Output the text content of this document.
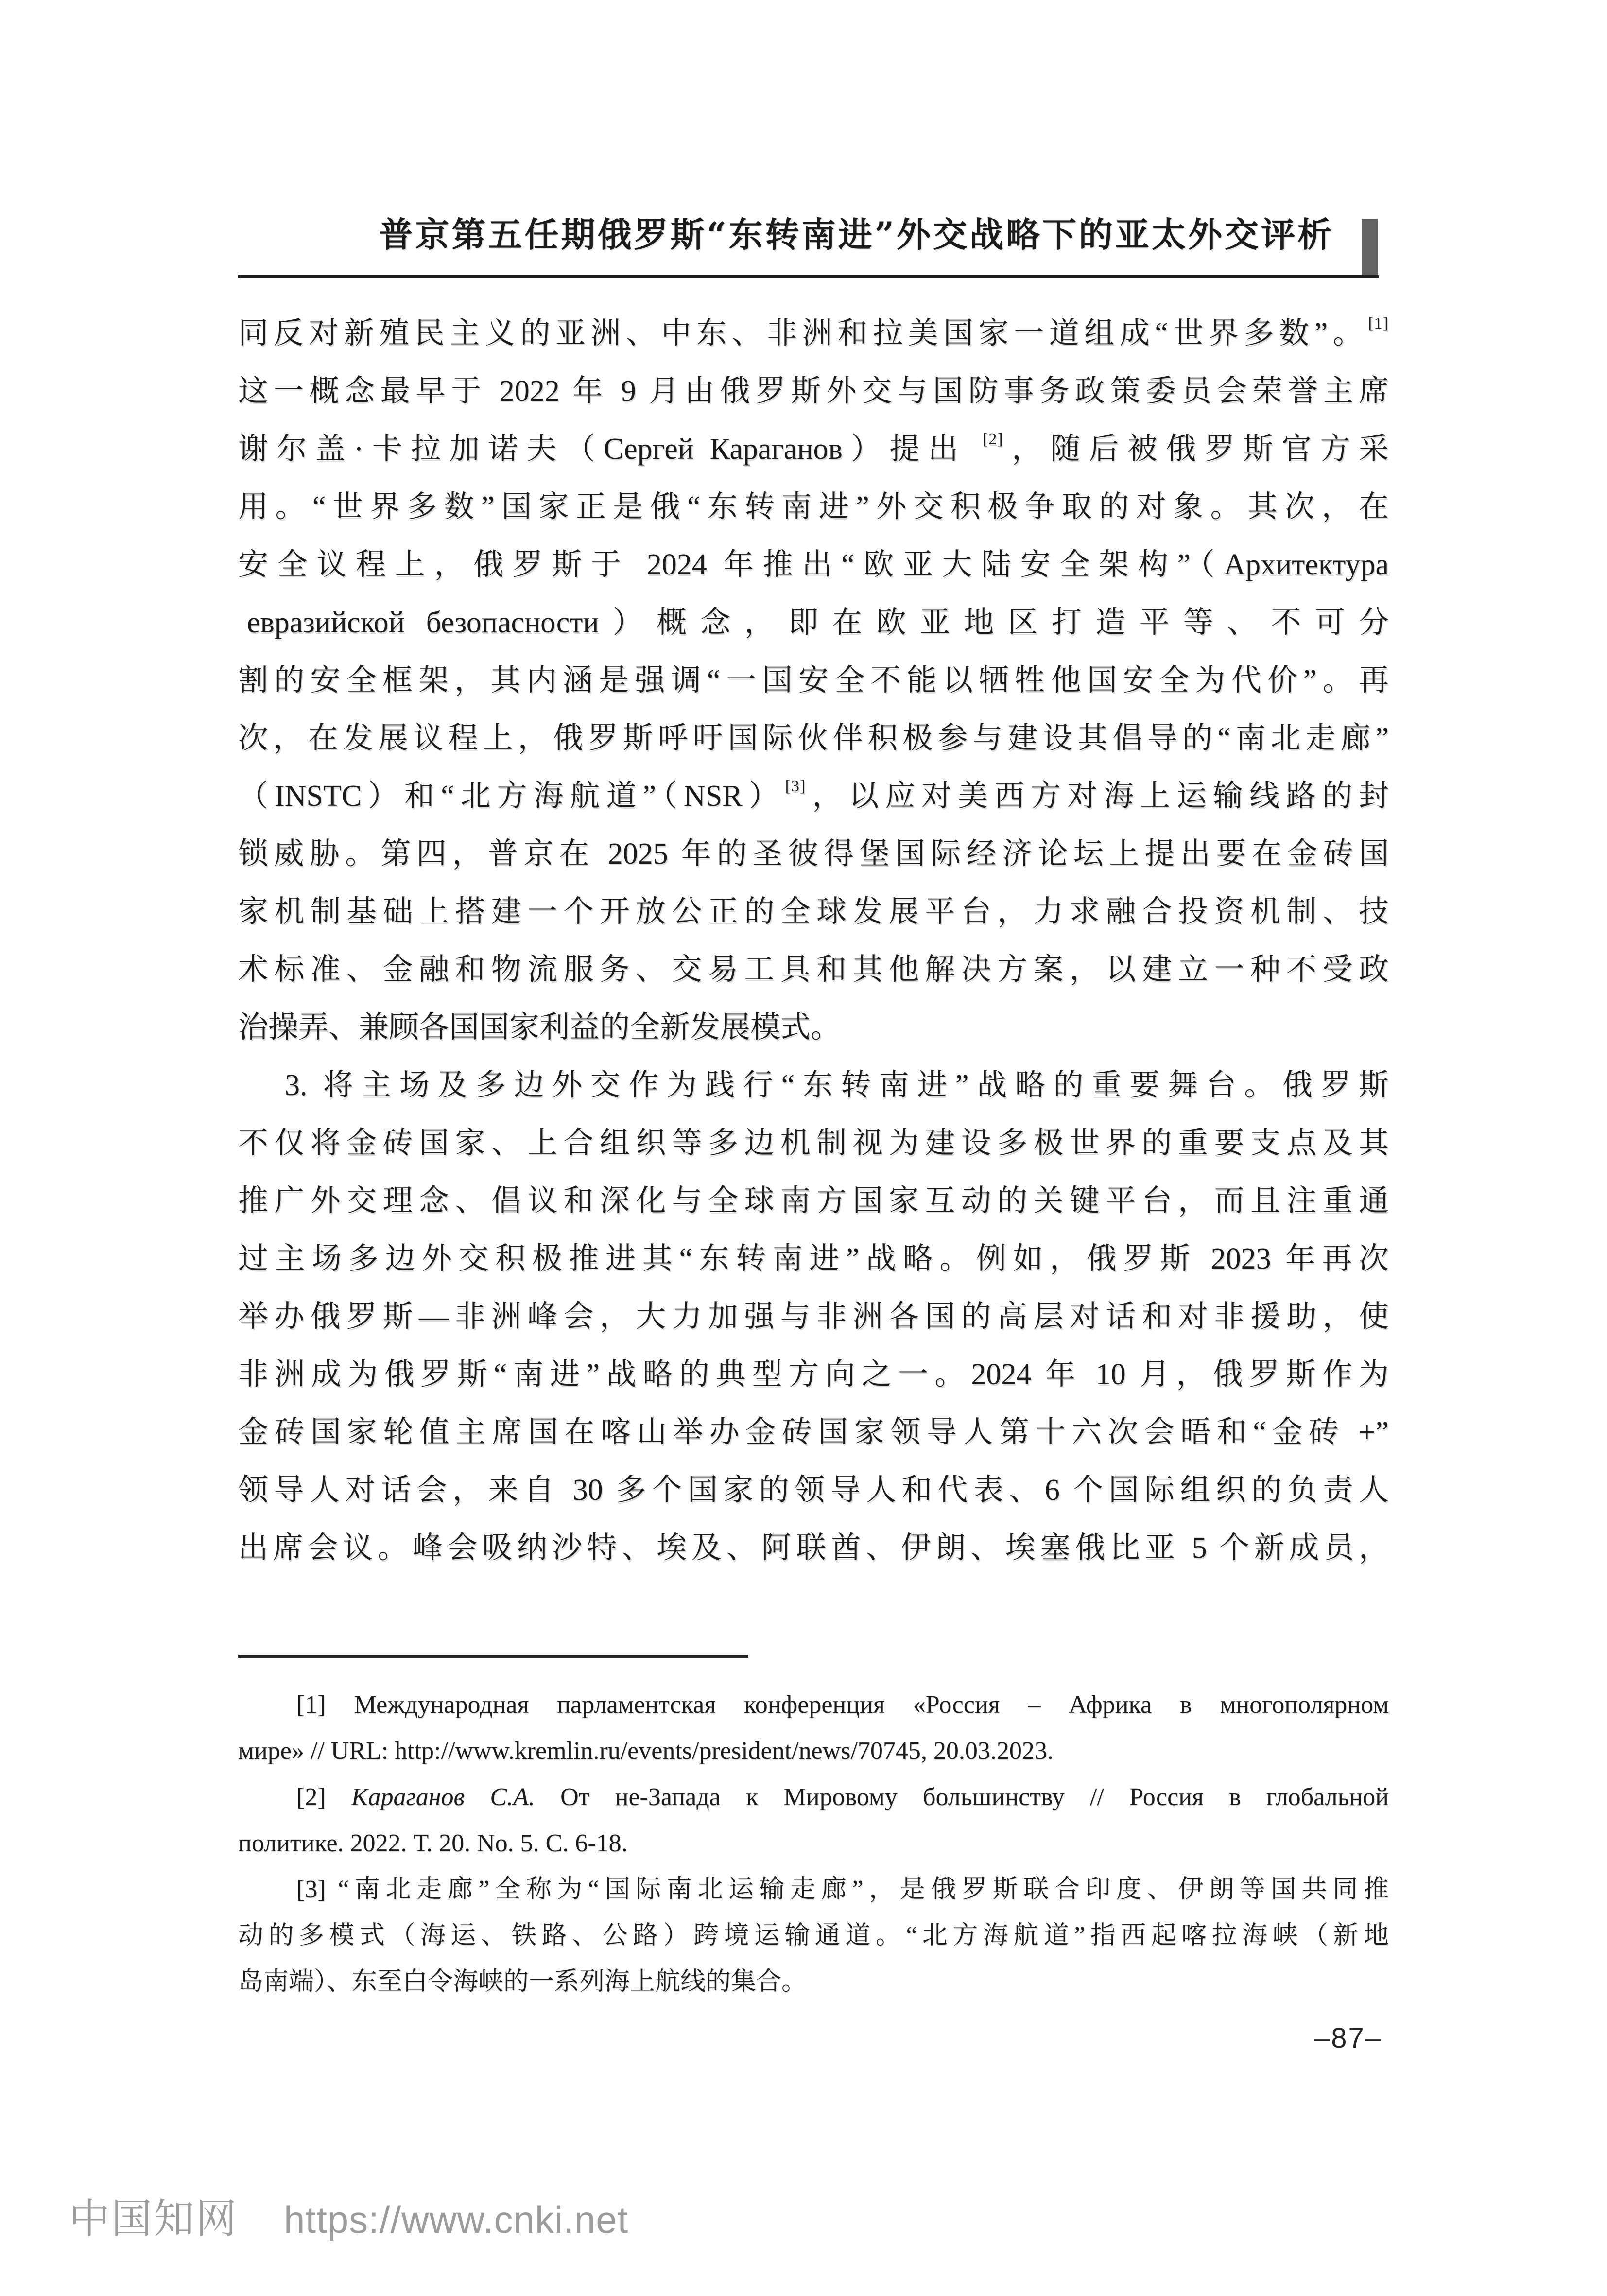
普京第五任期俄罗斯“东转南进”外交战略下的亚太外交评析
同反对新殖民主义的亚洲、中东、非洲和拉美国家一道组成“世界多数”。[1]
这一概念最早于 2022 年 9 月由俄罗斯外交与国防事务政策委员会荣誉主席
谢尔盖·卡拉加诺夫（Сергей Караганов）提出 [2]，随后被俄罗斯官方采
用。“世界多数”国家正是俄“东转南进”外交积极争取的对象。其次，在
安全议程上，俄罗斯于 2024 年推出“欧亚大陆安全架构”（Архитектура
евразийской безопасности）概念，即在欧亚地区打造平等、不可分
割的安全框架，其内涵是强调“一国安全不能以牺牲他国安全为代价”。再
次，在发展议程上，俄罗斯呼吁国际伙伴积极参与建设其倡导的“南北走廊”
（INSTC）和“北方海航道”（NSR）[3]，以应对美西方对海上运输线路的封
锁威胁。第四，普京在 2025 年的圣彼得堡国际经济论坛上提出要在金砖国
家机制基础上搭建一个开放公正的全球发展平台，力求融合投资机制、技
术标准、金融和物流服务、交易工具和其他解决方案，以建立一种不受政
治操弄、兼顾各国国家利益的全新发展模式。
3. 将主场及多边外交作为践行“东转南进”战略的重要舞台。俄罗斯
不仅将金砖国家、上合组织等多边机制视为建设多极世界的重要支点及其
推广外交理念、倡议和深化与全球南方国家互动的关键平台，而且注重通
过主场多边外交积极推进其“东转南进”战略。例如，俄罗斯 2023 年再次
举办俄罗斯—非洲峰会，大力加强与非洲各国的高层对话和对非援助，使
非洲成为俄罗斯“南进”战略的典型方向之一。2024 年 10 月，俄罗斯作为
金砖国家轮值主席国在喀山举办金砖国家领导人第十六次会晤和“金砖 +”
领导人对话会，来自 30 多个国家的领导人和代表、6 个国际组织的负责人
出席会议。峰会吸纳沙特、埃及、阿联酋、伊朗、埃塞俄比亚 5 个新成员，
[1] Международная парламентская конференция «Россия – Африка в многополярном
мире» // URL: http://www.kremlin.ru/events/president/news/70745, 20.03.2023.
[2] Караганов С.А. От не-Запада к Мировому большинству // Россия в глобальной
политике. 2022. Т. 20. No. 5. С. 6-18.
[3] “南北走廊”全称为“国际南北运输走廊”，是俄罗斯联合印度、伊朗等国共同推
动的多模式（海运、铁路、公路）跨境运输通道。“北方海航道”指西起喀拉海峡（新地
岛南端）、东至白令海峡的一系列海上航线的集合。
–87–
中国知网 https://www.cnki.net
